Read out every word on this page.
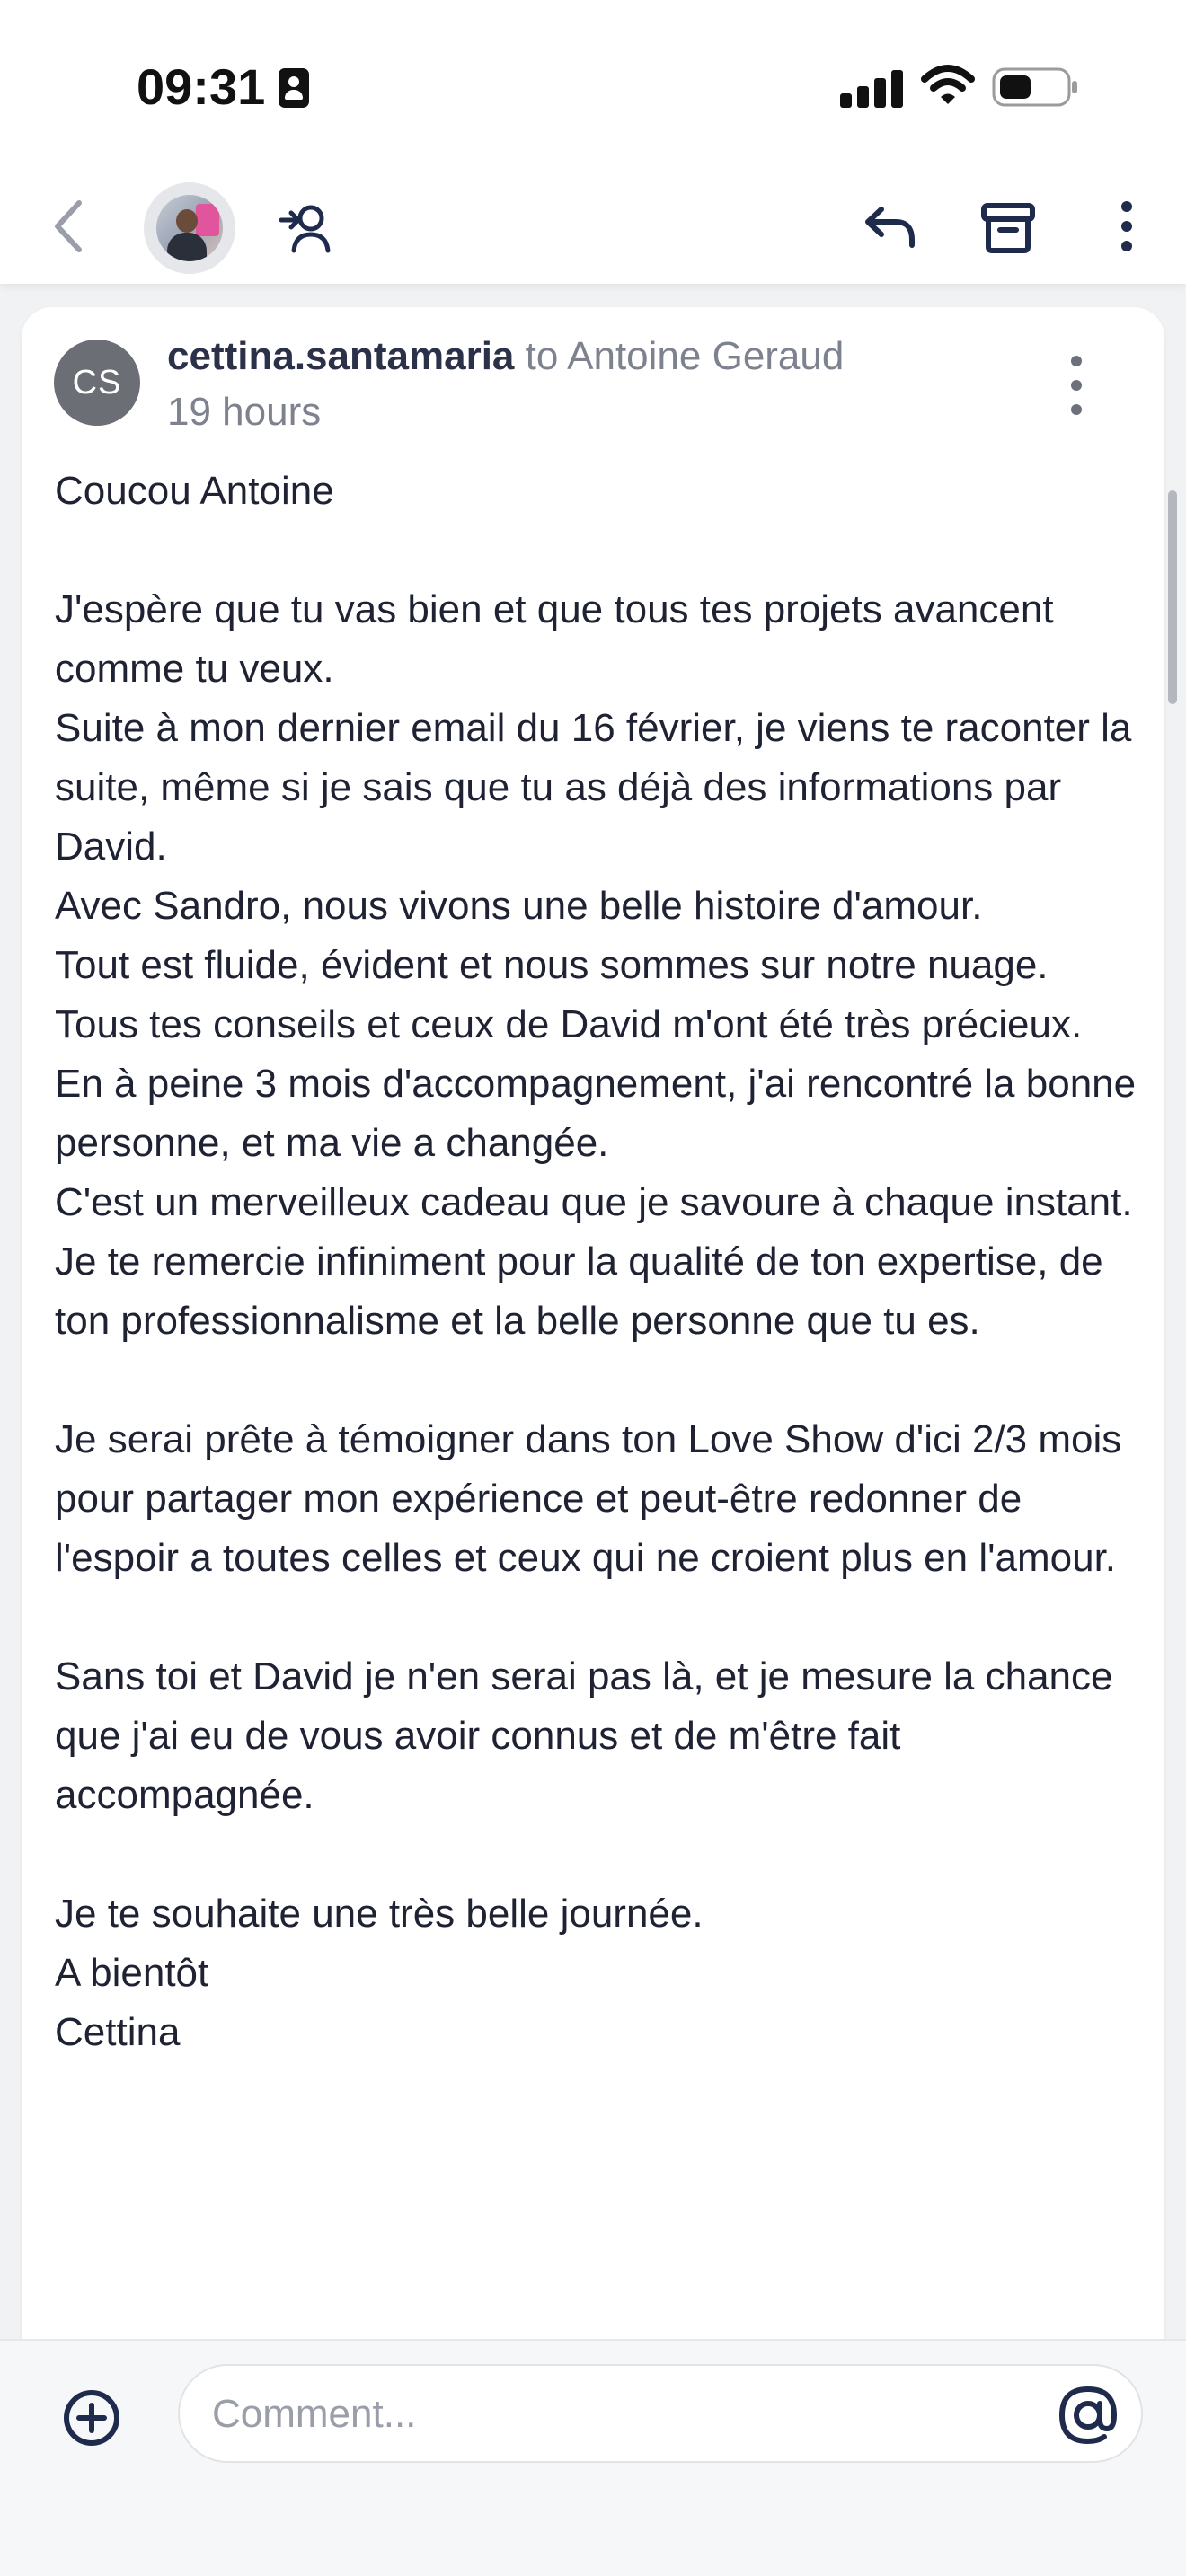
09:31
CS
cettina.santamaria to Antoine Geraud
19 hours

Coucou Antoine

J'espère que tu vas bien et que tous tes projets avancent comme tu veux.

Suite à mon dernier email du 16 février, je viens te raconter la suite, même si je sais que tu as déjà des informations par David.

Avec Sandro, nous vivons une belle histoire d'amour.

Tout est fluide, évident et nous sommes sur notre nuage.

Tous tes conseils et ceux de David m'ont été très précieux.

En à peine 3 mois d'accompagnement, j'ai rencontré la bonne personne, et ma vie a changée.

C'est un merveilleux cadeau que je savoure à chaque instant.

Je te remercie infiniment pour la qualité de ton expertise, de ton professionnalisme et la belle personne que tu es.

Je serai prête à témoigner dans ton Love Show d'ici 2/3 mois pour partager mon expérience et peut-être redonner de l'espoir a toutes celles et ceux qui ne croient plus en l'amour.

Sans toi et David je n'en serai pas là, et je mesure la chance que j'ai eu de vous avoir connus et de m'être fait accompagnée.

Je te souhaite une très belle journée.

A bientôt

Cettina

Comment...
